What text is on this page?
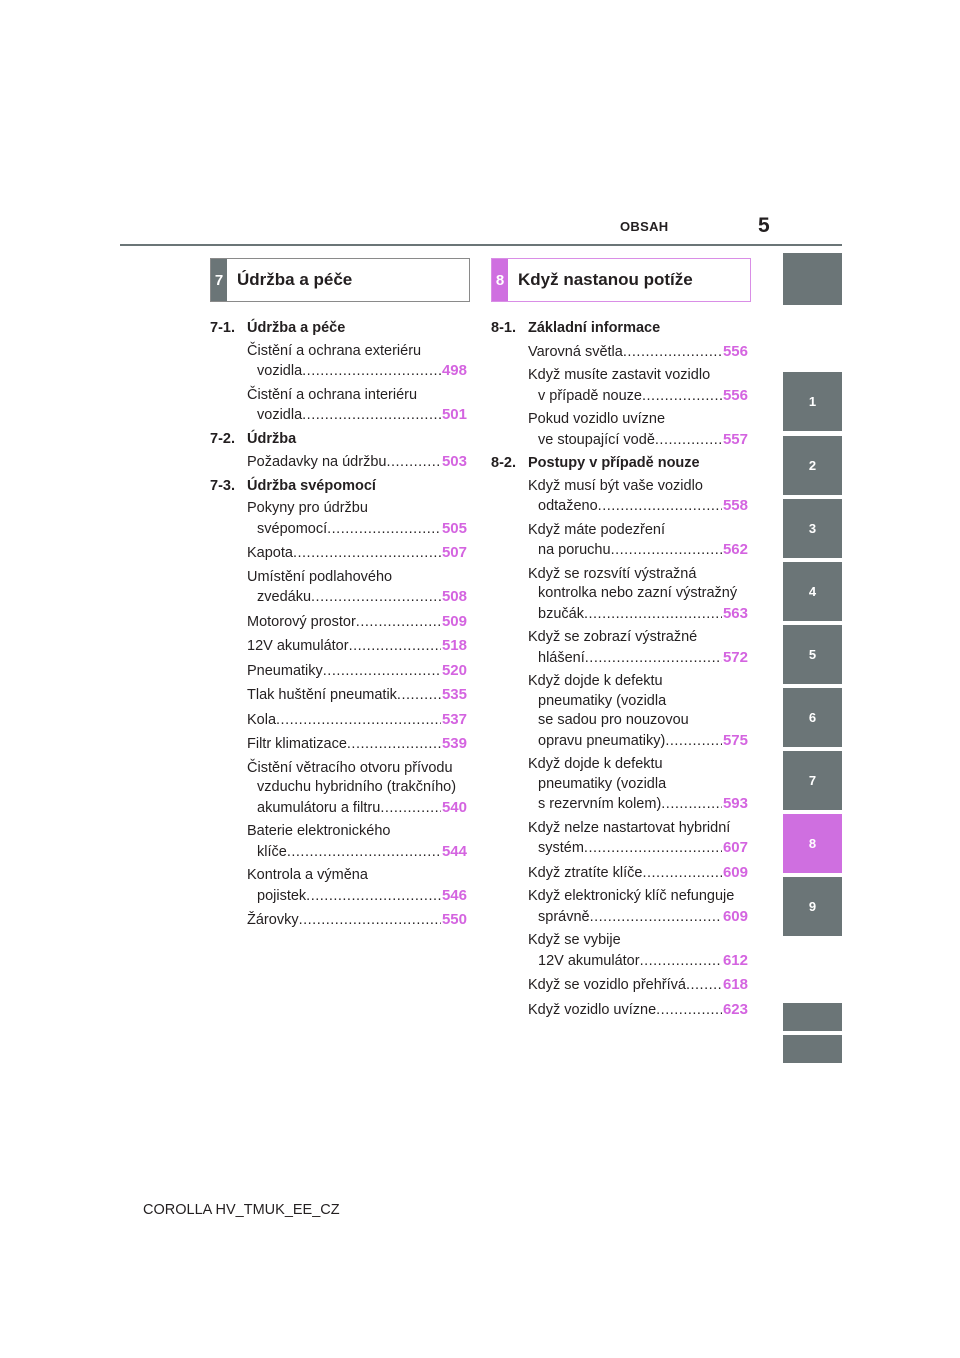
OBSAH	5
7 Údržba a péče	8 Když nastanou potíže
7-1. Údržba a péče
Čistění a ochrana exteriéru
vozidla .....	498
Čistění a ochrana interiéru
vozidla .....	501
7-2. Údržba
Požadavky na údržbu .....	503
7-3. Údržba svépomocí
Pokyny pro údržbu
svépomocí .....	505
Kapota .....	507
Umístění podlahového
zvedáku .....	508
Motorový prostor .....	509
12V akumulátor .....	518
Pneumatiky .....	520
Tlak huštění pneumatik .....	535
Kola .....	537
Filtr klimatizace .....	539
Čistění větracího otvoru přívodu
vzduchu hybridního (trakčního)
akumulátoru a filtru .....	540
Baterie elektronického
klíče .....	544
Kontrola a výměna
pojistek .....	546
Žárovky .....	550
8-1. Základní informace
Varovná světla .....	556
Když musíte zastavit vozidlo
v případě nouze .....	556
Pokud vozidlo uvízne
ve stoupající vodě .....	557
8-2. Postupy v případě nouze
Když musí být vaše vozidlo
odtaženo .....	558
Když máte podezření
na poruchu .....	562
Když se rozsvítí výstražná
kontrolka nebo zazní výstražný
bzučák .....	563
Když se zobrazí výstražné
hlášení .....	572
Když dojde k defektu
pneumatiky (vozidla
se sadou pro nouzovou
opravu pneumatiky) .....	575
Když dojde k defektu
pneumatiky (vozidla
s rezervním kolem) .....	593
Když nelze nastartovat hybridní
systém .....	607
Když ztratíte klíče .....	609
Když elektronický klíč nefunguje
správně .....	609
Když se vybije
12V akumulátor .....	612
Když se vozidlo přehřívá ..... 618
Když vozidlo uvízne .....	623
1
2
3
4
5
6
7
8
9
COROLLA HV_TMUK_EE_CZ
